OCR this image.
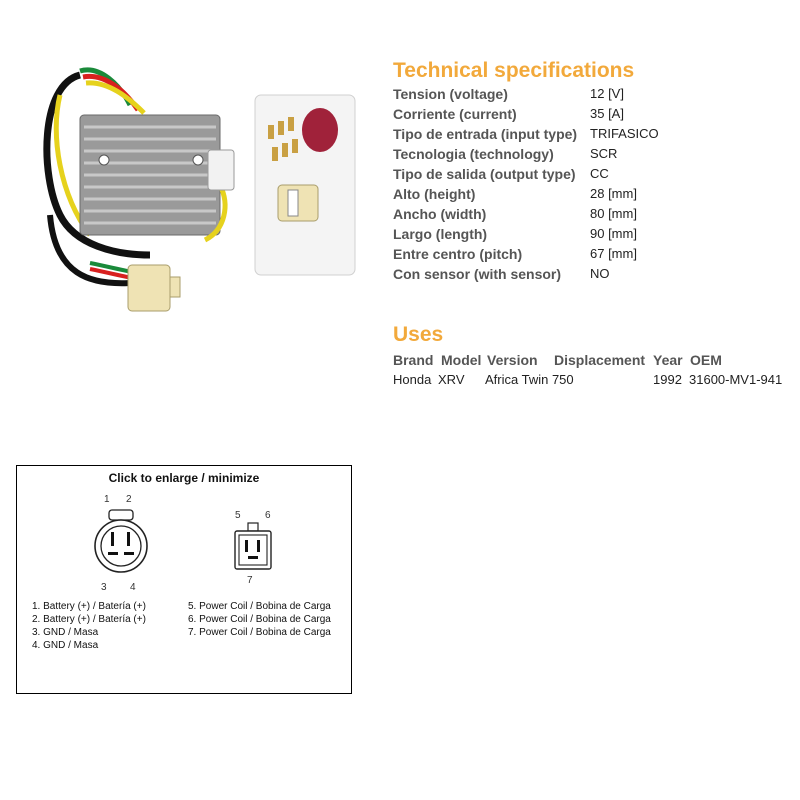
Technical specifications
Tension (voltage)	12 [V]
Corriente (current)	35 [A]
Tipo de entrada (input type) TRIFASICO
Tecnologia (technology)	SCR
Tipo de salida (output type) CC
Alto (height)	28 [mm]
Ancho (width)	80 [mm]
Largo (length)	90 [mm]
Entre centro (pitch)	67 [mm]
Con sensor (with sensor) NO
Uses
Brand Model Version Displacement Year OEM
Honda XRV Africa Twin 750	1992 31600-MV1-941
Click to enlarge / minimize
1 2
3 4
5 6
7
1. Battery (+) / Batería (+)
2. Battery (+) / Batería (+)
3. GND / Masa
4. GND / Masa
5. Power Coil / Bobina de Carga
6. Power Coil / Bobina de Carga
7. Power Coil / Bobina de Carga
